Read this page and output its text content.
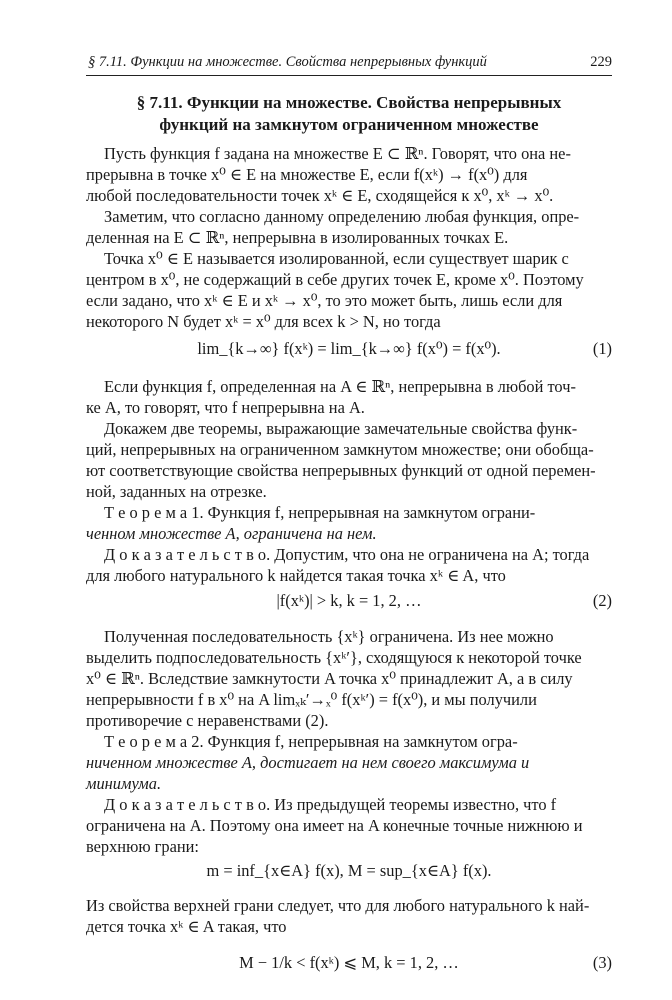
§ 7.11. Функции на множестве. Свойства непрерывных функций	229
§ 7.11. Функции на множестве. Свойства непрерывных
функций на замкнутом ограниченном множестве
Пусть функция f задана на множестве E ⊂ ℝⁿ. Говорят, что она не-
прерывна в точке x⁰ ∈ E на множестве E, если f(xᵏ) → f(x⁰) для
любой последовательности точек xᵏ ∈ E, сходящейся к x⁰, xᵏ → x⁰.
Заметим, что согласно данному определению любая функция, опре-
деленная на E ⊂ ℝⁿ, непрерывна в изолированных точках E.
Точка x⁰ ∈ E называется изолированной, если существует шарик с
центром в x⁰, не содержащий в себе других точек E, кроме x⁰. Поэтому
если задано, что xᵏ ∈ E и xᵏ → x⁰, то это может быть, лишь если для
некоторого N будет xᵏ = x⁰ для всех k > N, но тогда
lim_{k→∞} f(xᵏ) = lim_{k→∞} f(x⁰) = f(x⁰).	(1)
Если функция f, определенная на A ∈ ℝⁿ, непрерывна в любой точ-
ке A, то говорят, что f непрерывна на A.
Докажем две теоремы, выражающие замечательные свойства функ-
ций, непрерывных на ограниченном замкнутом множестве; они обобща-
ют соответствующие свойства непрерывных функций от одной перемен-
ной, заданных на отрезке.
Т е о р е м а 1. Функция f, непрерывная на замкнутом ограни-
ченном множестве A, ограничена на нем.
Д о к а з а т е л ь с т в о. Допустим, что она не ограничена на A; тогда
для любого натурального k найдется такая точка xᵏ ∈ A, что
|f(xᵏ)| > k, k = 1, 2, …	(2)
Полученная последовательность {xᵏ} ограничена. Из нее можно
выделить подпоследовательность {xᵏ′}, сходящуюся к некоторой точке
x⁰ ∈ ℝⁿ. Вследствие замкнутости A точка x⁰ принадлежит A, а в силу
непрерывности f в x⁰ на A limₓₖ′→ₓ⁰ f(xᵏ′) = f(x⁰), и мы получили
противоречие с неравенствами (2).
Т е о р е м а 2. Функция f, непрерывная на замкнутом огра-
ниченном множестве A, достигает на нем своего максимума и
минимума.
Д о к а з а т е л ь с т в о. Из предыдущей теоремы известно, что f
ограничена на A. Поэтому она имеет на A конечные точные нижнюю и
верхнюю грани:
m = inf_{x∈A} f(x), M = sup_{x∈A} f(x).
Из свойства верхней грани следует, что для любого натурального k най-
дется точка xᵏ ∈ A такая, что
M − 1/k < f(xᵏ) ⩽ M, k = 1, 2, …	(3)
